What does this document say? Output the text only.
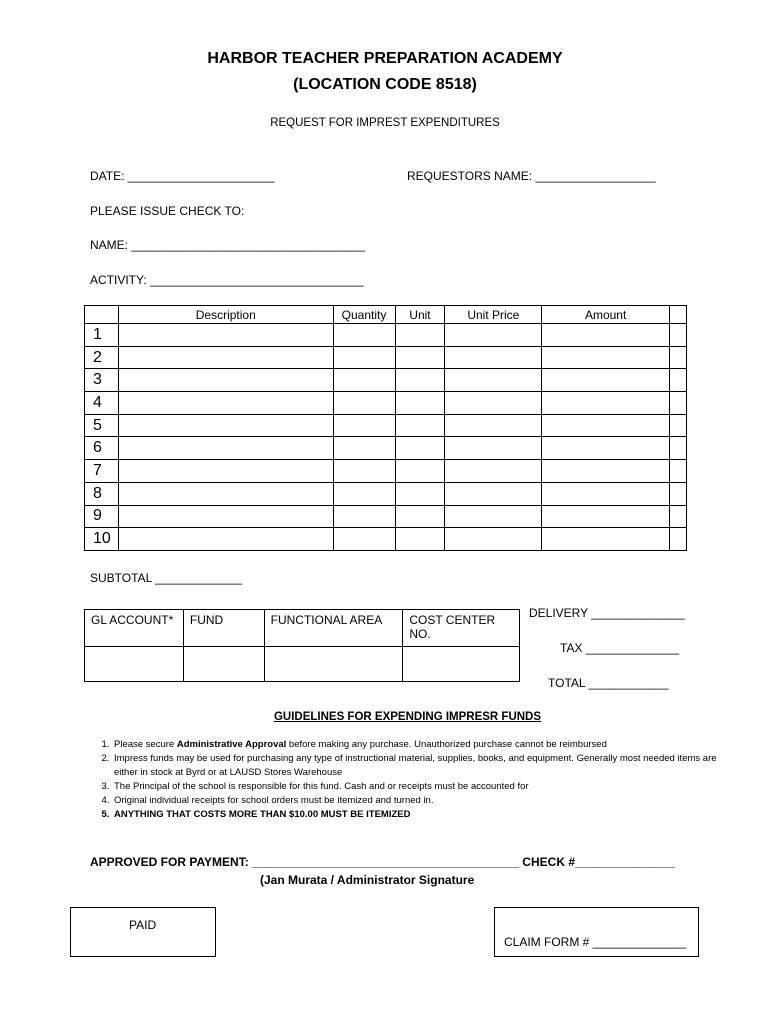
HARBOR TEACHER PREPARATION ACADEMY
(LOCATION CODE 8518)
REQUEST FOR IMPREST EXPENDITURES
DATE: ______________________	REQUESTORS NAME: __________________
PLEASE ISSUE CHECK TO:
NAME: ___________________________________
ACTIVITY: ________________________________
	Description	Quantity	Unit	Unit Price	Amount	
1						
2						
3						
4						
5						
6						
7						
8						
9						
10						
SUBTOTAL _____________
GL ACCOUNT*	FUND	FUNCTIONAL AREA	COST CENTER NO.

DELIVERY ______________
TAX ______________
TOTAL ____________
GUIDELINES FOR EXPENDING IMPRESR FUNDS
1. Please secure Administrative Approval before making any purchase. Unauthorized purchase cannot be reimbursed
2. Impress funds may be used for purchasing any type of instructional material, supplies, books, and equipment. Generally most needed items are either in stock at Byrd or at LAUSD Stores Warehouse
3. The Principal of the school is responsible for this fund. Cash and or receipts must be accounted for
4. Original individual receipts for school orders must be itemized and turned in.
5. ANYTHING THAT COSTS MORE THAN $10.00 MUST BE ITEMIZED
APPROVED FOR PAYMENT: ________________________________________ CHECK #_______________
(Jan Murata / Administrator Signature
PAID
CLAIM FORM # ______________
